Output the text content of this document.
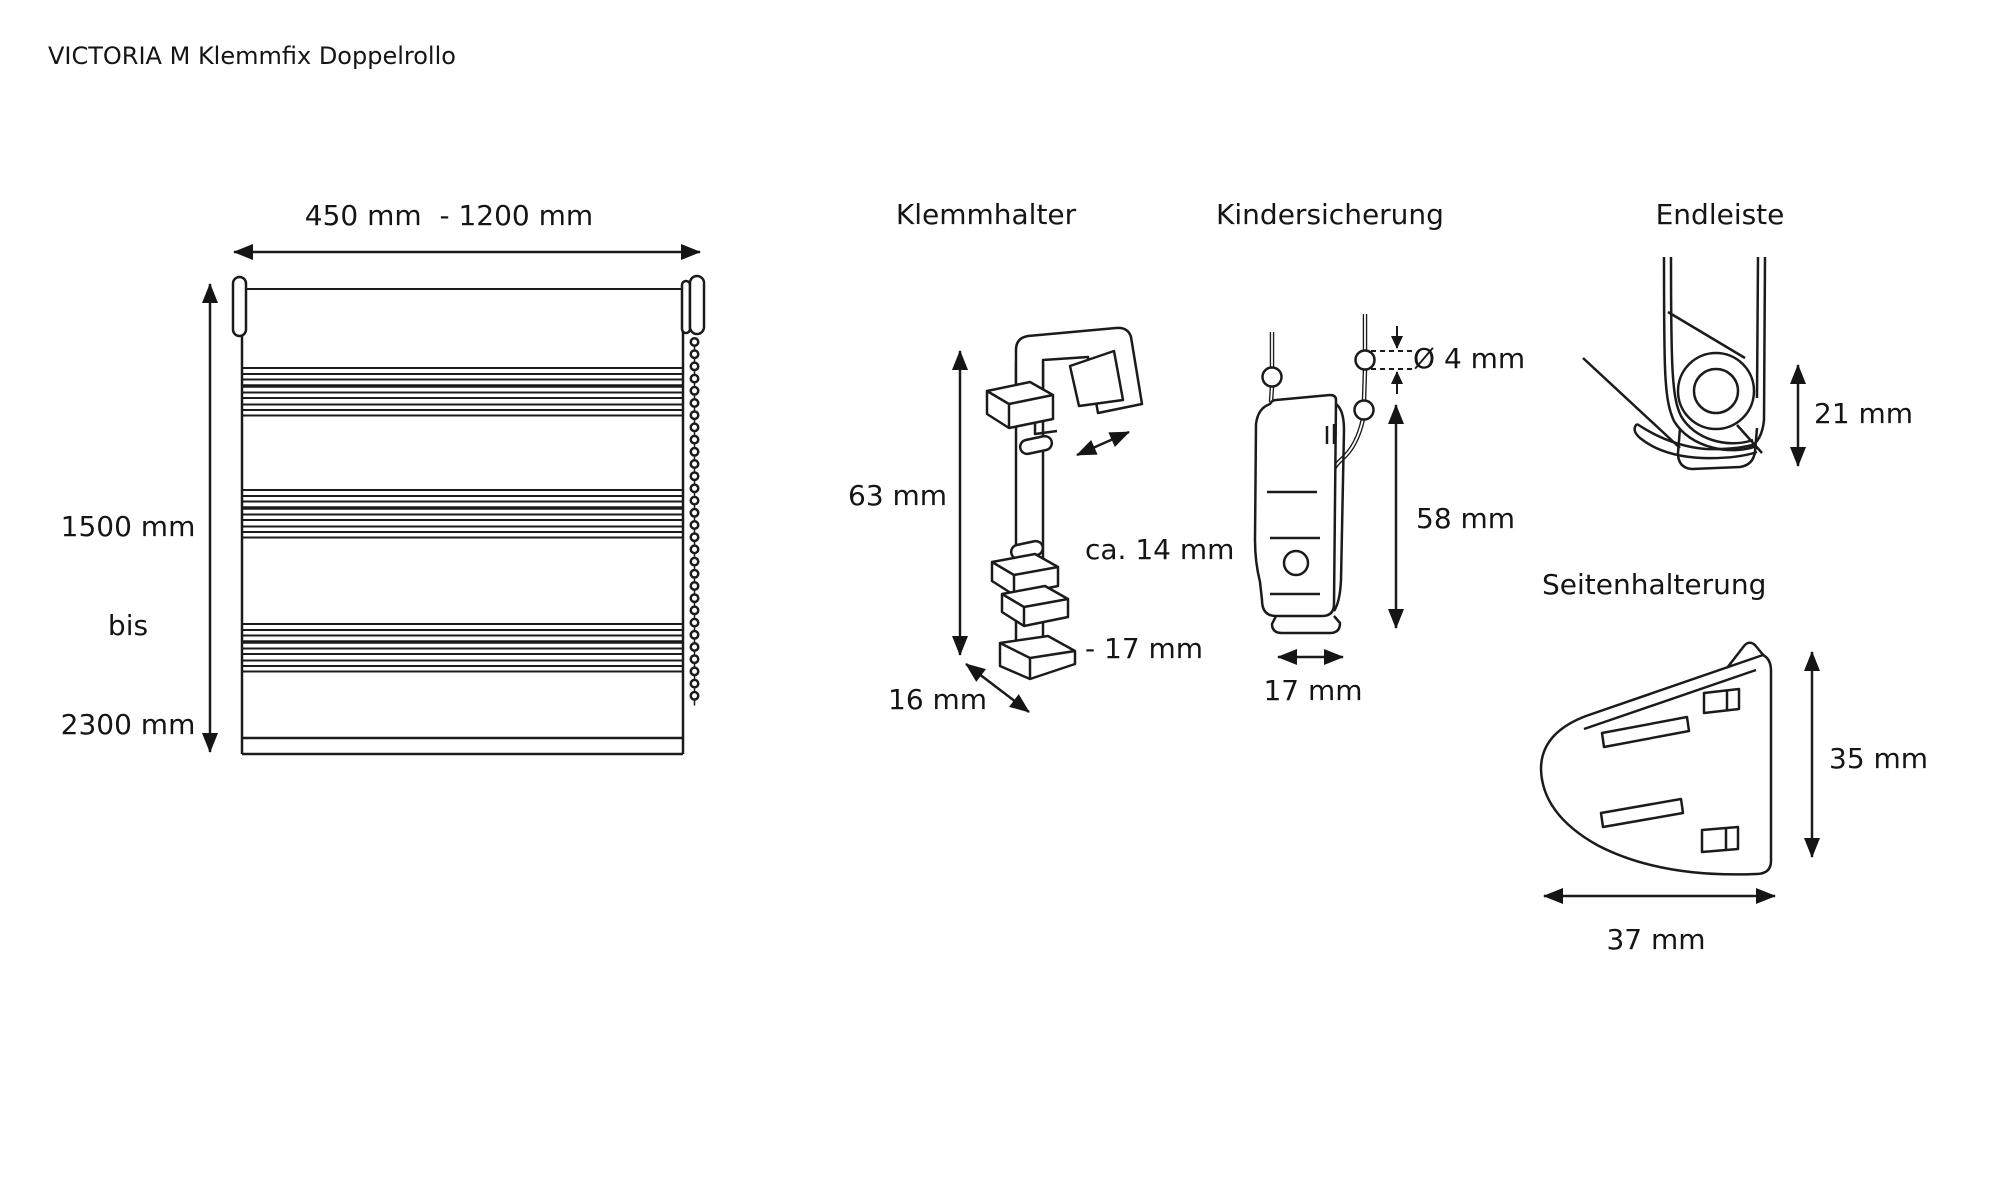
VICTORIA M Klemmfix Doppelrollo
450 mm  - 1200 mm

1500 mm

bis

2300 mm

Klemmhalter
63 mm

ca. 14 mm

- 17 mm

16 mm
Kindersicherung
Ø 4 mm
58 mm
17 mm
Endleiste
21 mm
Seitenhalterung
35 mm
37 mm
